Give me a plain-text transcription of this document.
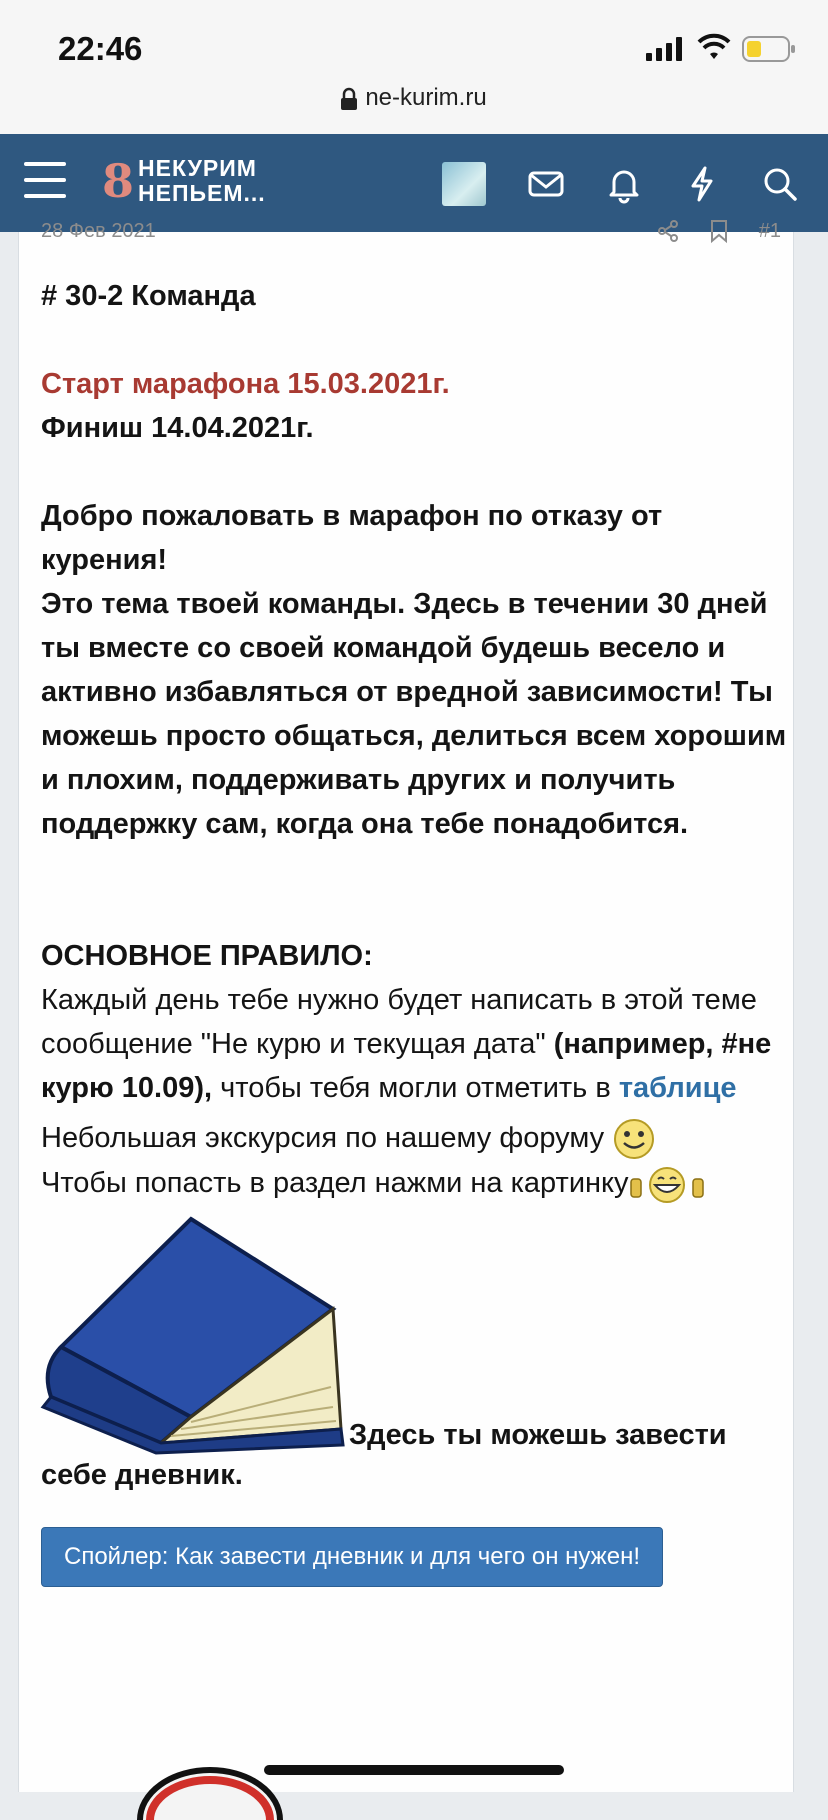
22:46
ne-kurim.ru
8 НЕКУРИМ
НЕПЬЕМ...
28 Фев 2021	#1
# 30-2 Команда
Старт марафона 15.03.2021г.
Финиш 14.04.2021г.
Добро пожаловать в марафон по отказу от курения!
Это тема твоей команды. Здесь в течении 30 дней ты вместе со своей командой будешь весело и активно избавляться от вредной зависимости! Ты можешь просто общаться, делиться всем хорошим и плохим, поддерживать других и получить поддержку сам, когда она тебе понадобится.
ОСНОВНОЕ ПРАВИЛО:
Каждый день тебе нужно будет написать в этой теме сообщение "Не курю и текущая дата" (например, #не курю 10.09), чтобы тебя могли отметить в таблице
Небольшая экскурсия по нашему форуму
Чтобы попасть в раздел нажми на картинку
Здесь ты можешь завести
себе дневник.
Спойлер: Как завести дневник и для чего он нужен!
